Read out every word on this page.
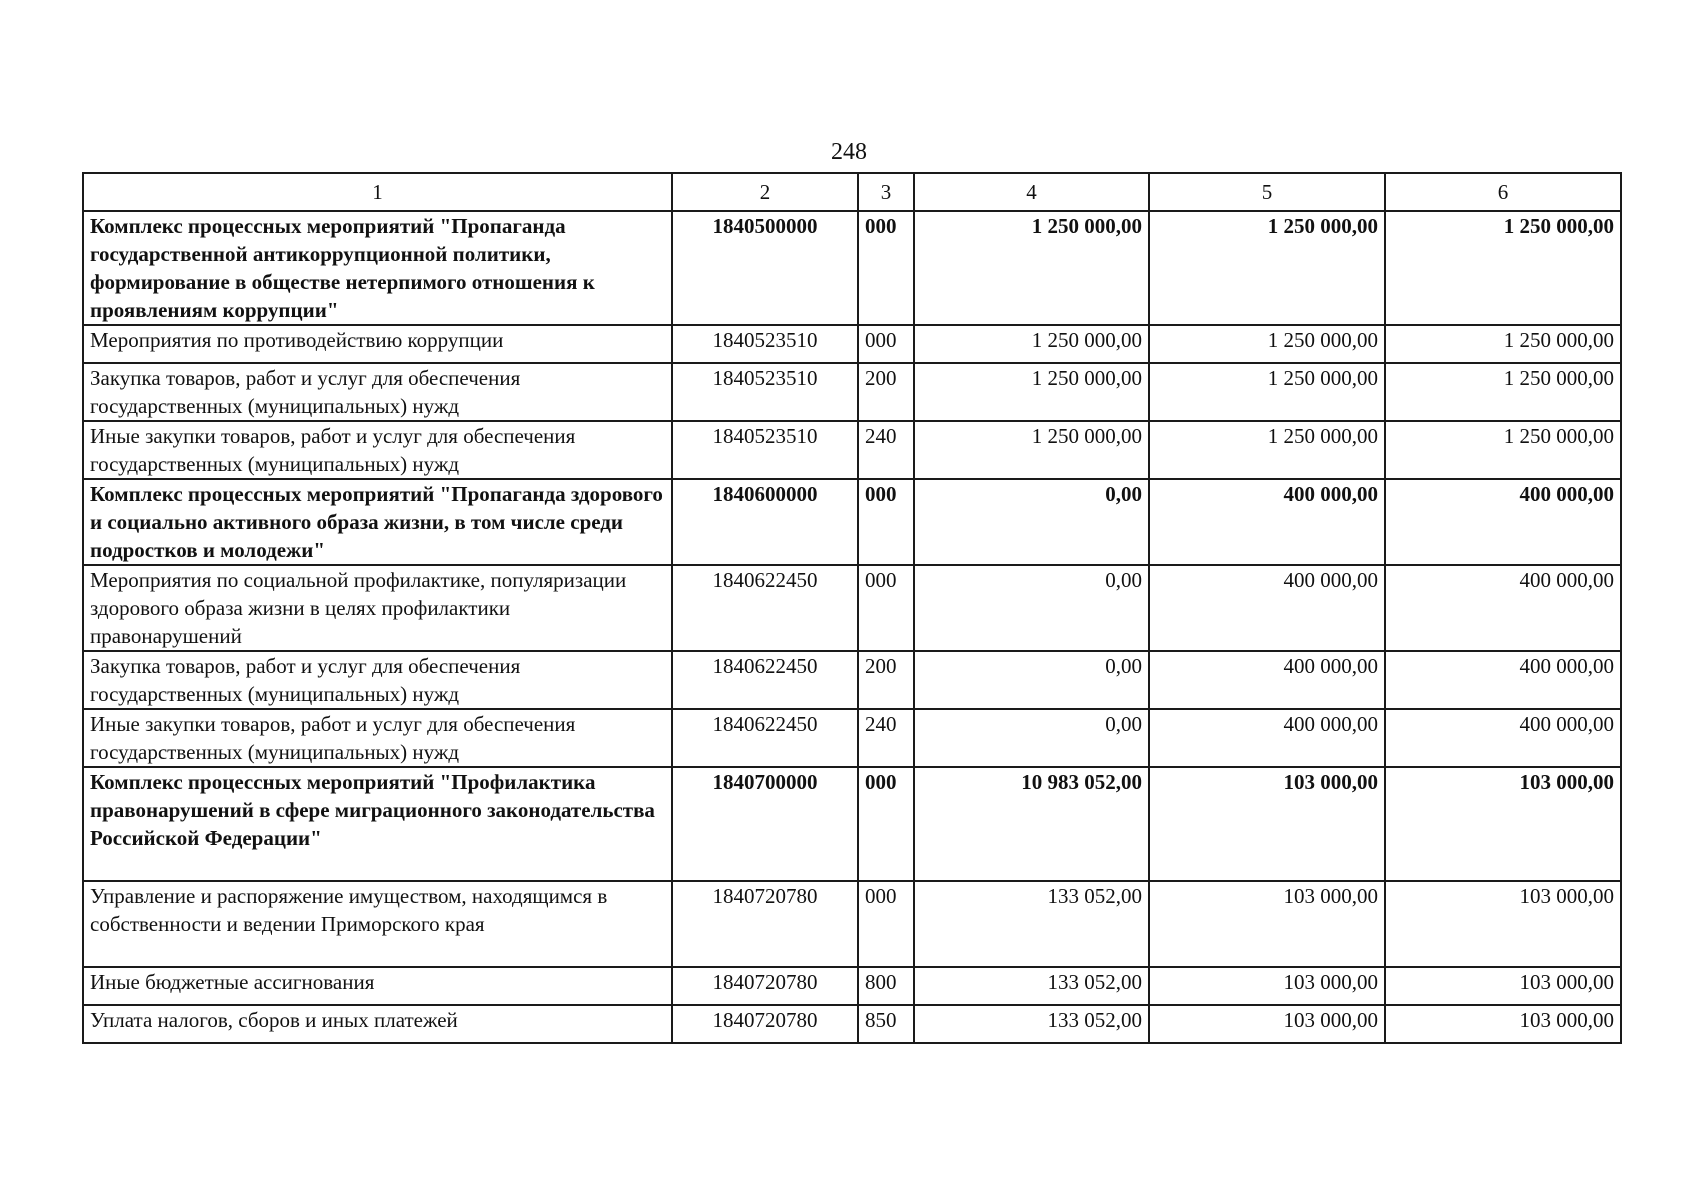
248
1	2	3	4	5	6
Комплекс процессных мероприятий "Пропаганда государственной антикоррупционной политики, формирование в обществе нетерпимого отношения к проявлениям коррупции"	1840500000	000	1 250 000,00	1 250 000,00	1 250 000,00
Мероприятия по противодействию коррупции	1840523510	000	1 250 000,00	1 250 000,00	1 250 000,00
Закупка товаров, работ и услуг для обеспечения государственных (муниципальных) нужд	1840523510	200	1 250 000,00	1 250 000,00	1 250 000,00
Иные закупки товаров, работ и услуг для обеспечения государственных (муниципальных) нужд	1840523510	240	1 250 000,00	1 250 000,00	1 250 000,00
Комплекс процессных мероприятий "Пропаганда здорового и социально активного образа жизни, в том числе среди подростков и молодежи"	1840600000	000	0,00	400 000,00	400 000,00
Мероприятия по социальной профилактике, популяризации здорового образа жизни в целях профилактики правонарушений	1840622450	000	0,00	400 000,00	400 000,00
Закупка товаров, работ и услуг для обеспечения государственных (муниципальных) нужд	1840622450	200	0,00	400 000,00	400 000,00
Иные закупки товаров, работ и услуг для обеспечения государственных (муниципальных) нужд	1840622450	240	0,00	400 000,00	400 000,00
Комплекс процессных мероприятий "Профилактика правонарушений в сфере миграционного законодательства Российской Федерации"	1840700000	000	10 983 052,00	103 000,00	103 000,00
Управление и распоряжение имуществом, находящимся в собственности и ведении Приморского края	1840720780	000	133 052,00	103 000,00	103 000,00
Иные бюджетные ассигнования	1840720780	800	133 052,00	103 000,00	103 000,00
Уплата налогов, сборов и иных платежей	1840720780	850	133 052,00	103 000,00	103 000,00
